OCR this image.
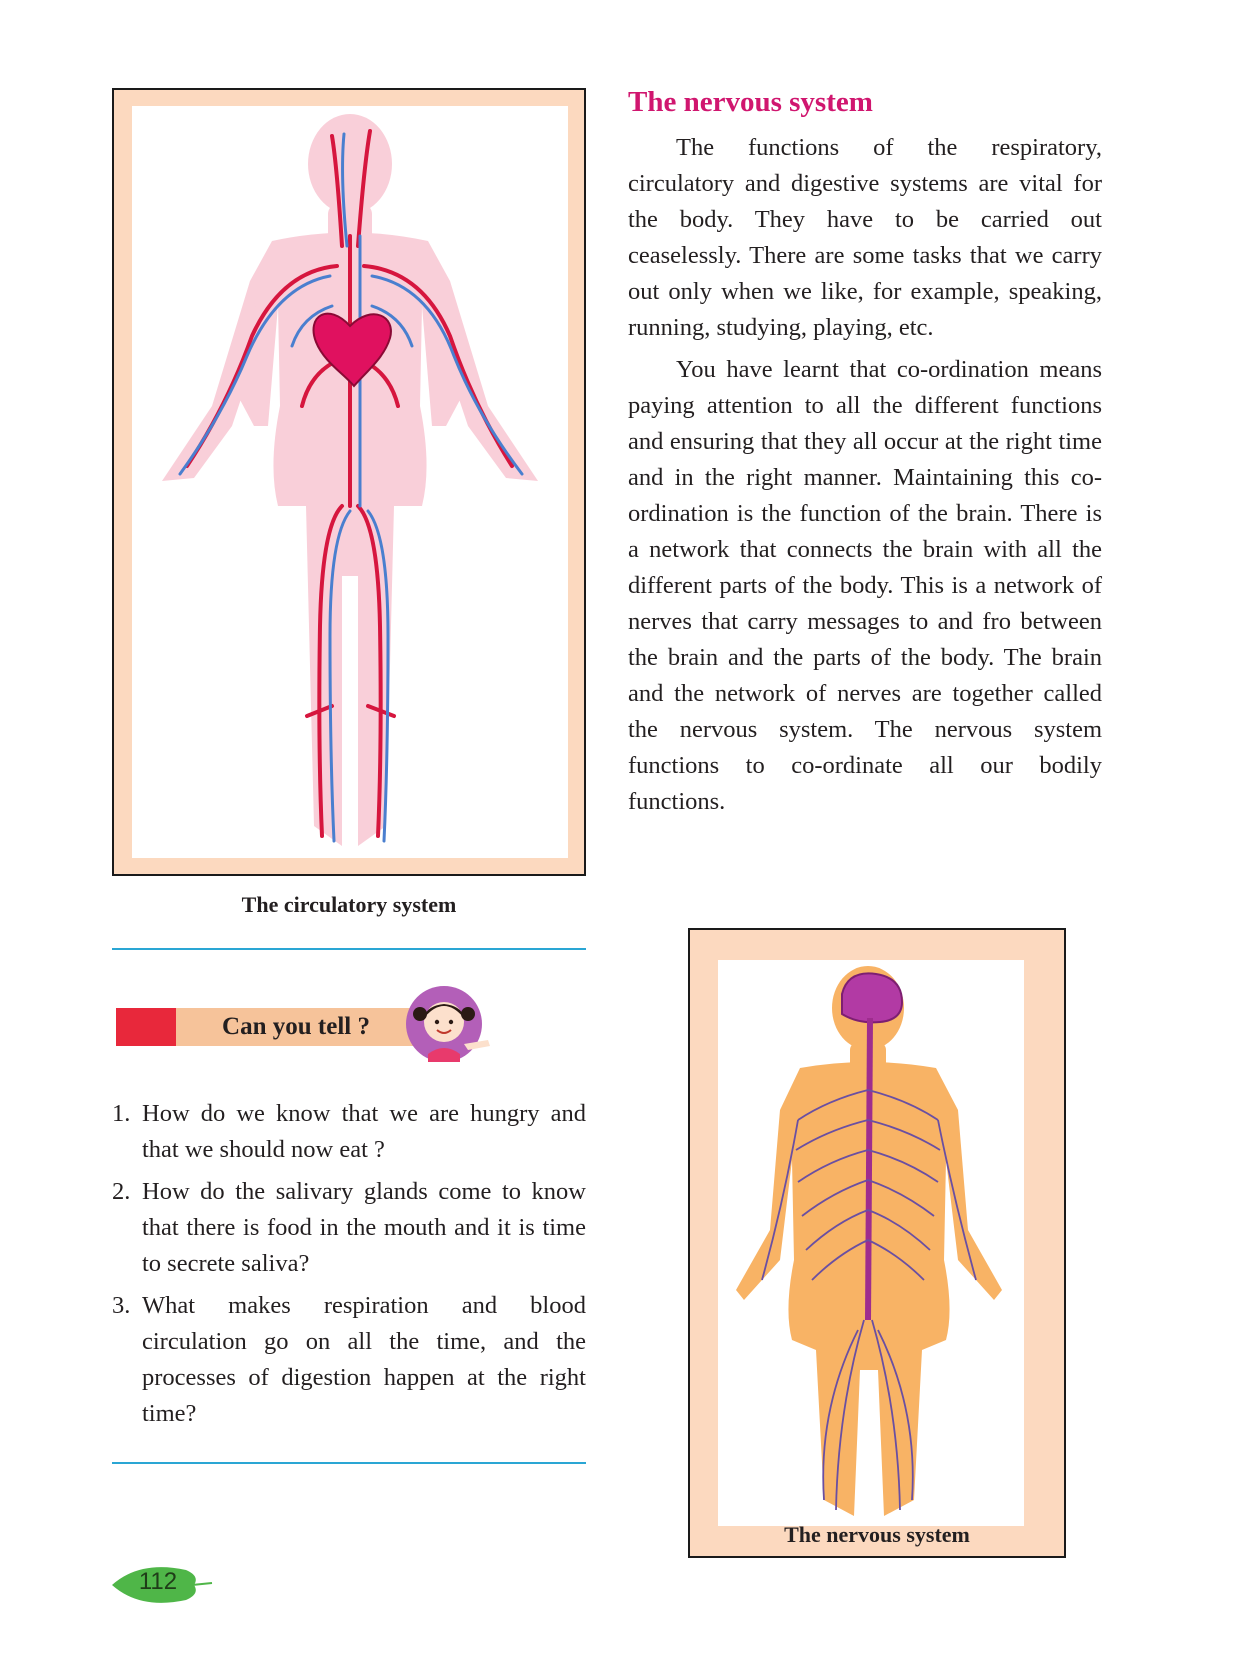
The circulatory system
The nervous system

The functions of the respiratory, circulatory and digestive systems are vital for the body. They have to be carried out ceaselessly. There are some tasks that we carry out only when we like, for example, speaking, running, studying, playing, etc.

You have learnt that co-ordination means paying attention to all the different functions and ensuring that they all occur at the right time and in the right manner. Maintaining this co-ordination is the function of the brain. There is a network that connects the brain with all the different parts of the body. This is a network of nerves that carry messages to and fro between the brain and the parts of the body. The brain and the network of nerves are together called the nervous system. The nervous system functions to co-ordinate all our bodily functions.

Can you tell ?
1. How do we know that we are hungry and that we should now eat ?
2. How do the salivary glands come to know that there is food in the mouth and it is time to secrete saliva?
3. What makes respiration and blood circulation go on all the time, and the processes of digestion happen at the right time?
The nervous system
112
